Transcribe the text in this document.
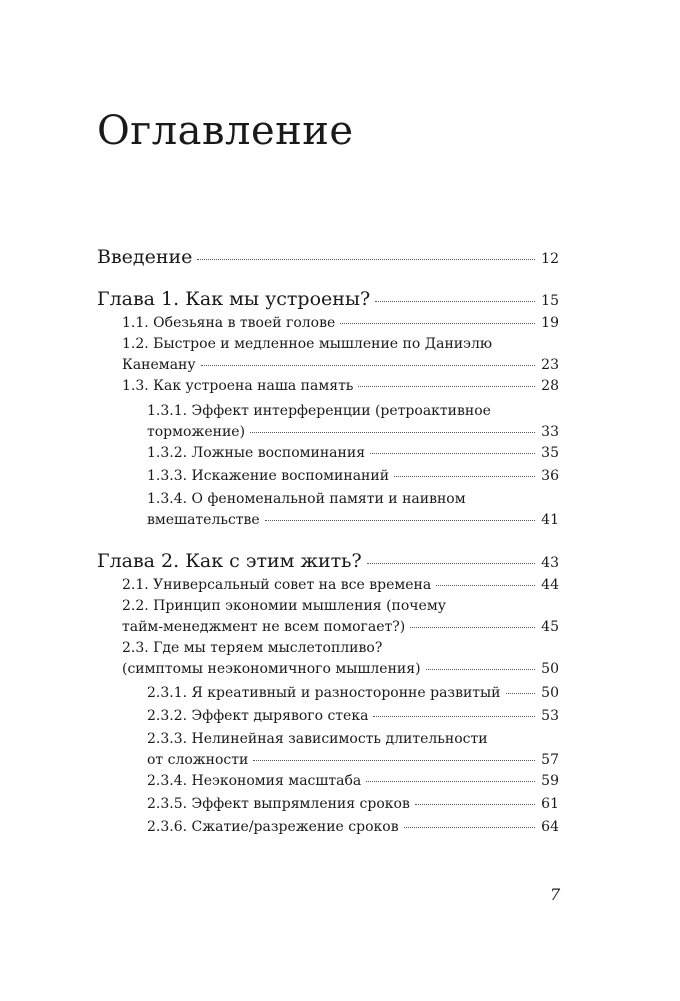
Введение	12
Глава 1. Как мы устроены?	15
1.1. Обезьяна в твоей голове	19
1.2. Быстрое и медленное мышление по Даниэлю
Канеману	23
1.3. Как устроена наша память	28
1.3.1. Эффект интерференции (ретроактивное
торможение)	33
1.3.2. Ложные воспоминания	35
1.3.3. Искажение воспоминаний	36
1.3.4. О феноменальной памяти и наивном
вмешательстве	41
Глава 2. Как с этим жить?	43
2.1. Универсальный совет на все времена	44
2.2. Принцип экономии мышления (почему
тайм-менеджмент не всем помогает?)	45
2.3. Где мы теряем мыслетопливо?
(симптомы неэкономичного мышления)	50
2.3.1. Я креативный и разносторонне развитый	50
2.3.2. Эффект дырявого стека	53
2.3.3. Нелинейная зависимость длительности
от сложности	57
2.3.4. Неэкономия масштаба	59
2.3.5. Эффект выпрямления сроков	61
2.3.6. Сжатие/разрежение сроков	64
Оглавление
7
